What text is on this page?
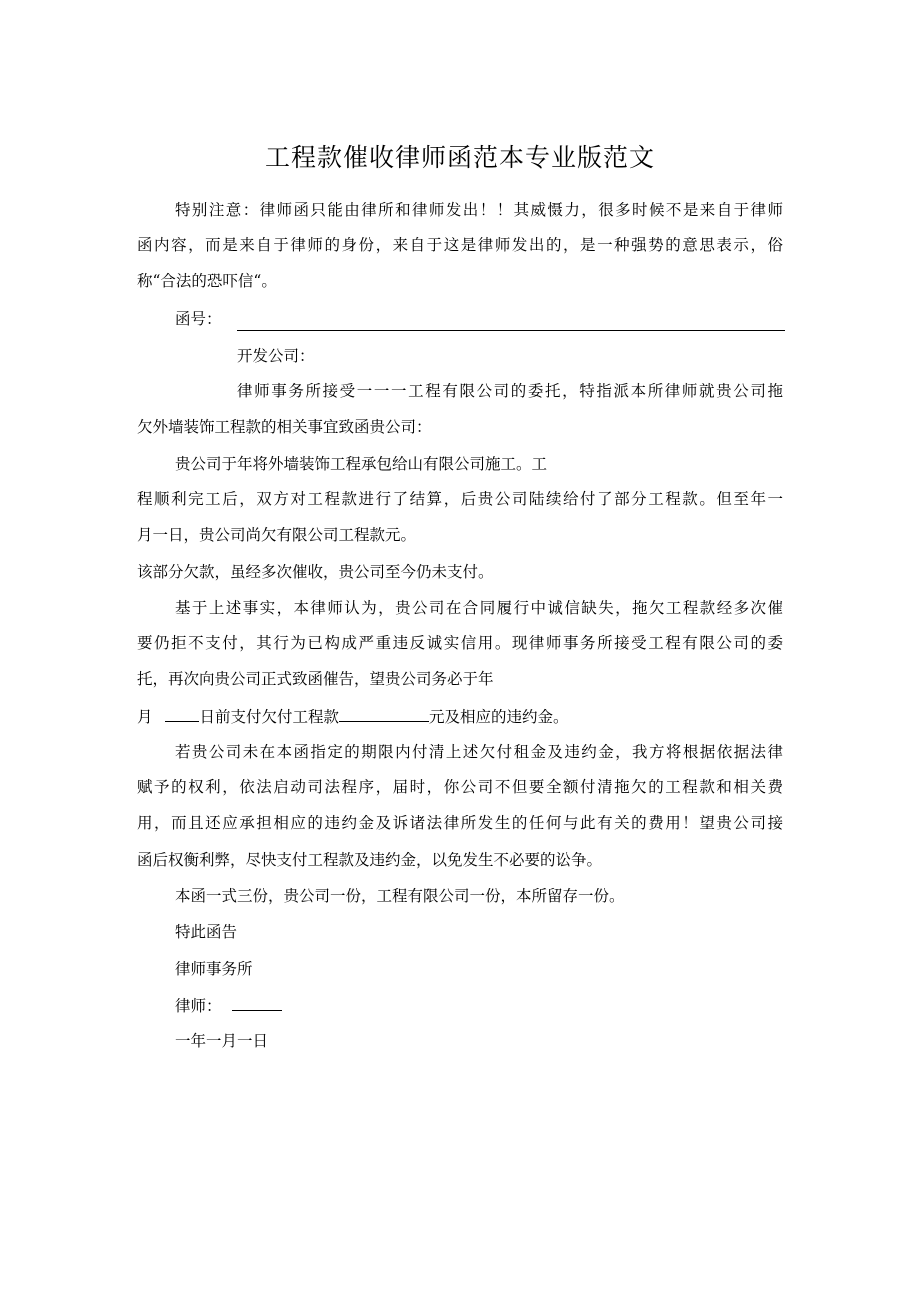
工程款催收律师函范本专业版范文
特别注意：律师函只能由律所和律师发出！！其威慑力，很多时候不是来自于律师
函内容，而是来自于律师的身份，来自于这是律师发出的，是一种强势的意思表示，俗
称“合法的恐吓信“。
函号：
开发公司：
律师事务所接受一一一工程有限公司的委托，特指派本所律师就贵公司拖
欠外墙装饰工程款的相关事宜致函贵公司：
贵公司于年将外墙装饰工程承包给山有限公司施工。工
程顺利完工后，双方对工程款进行了结算，后贵公司陆续给付了部分工程款。但至年一
月一日，贵公司尚欠有限公司工程款元。
该部分欠款，虽经多次催收，贵公司至今仍未支付。
基于上述事实，本律师认为，贵公司在合同履行中诚信缺失，拖欠工程款经多次催
要仍拒不支付，其行为已构成严重违反诚实信用。现律师事务所接受工程有限公司的委
托，再次向贵公司正式致函催告，望贵公司务必于年
月	日前支付欠付工程款	元及相应的违约金。
若贵公司未在本函指定的期限内付清上述欠付租金及违约金，我方将根据依据法律
赋予的权利，依法启动司法程序，届时，你公司不但要全额付清拖欠的工程款和相关费
用，而且还应承担相应的违约金及诉诸法律所发生的任何与此有关的费用！望贵公司接
函后权衡利弊，尽快支付工程款及违约金，以免发生不必要的讼争。
本函一式三份，贵公司一份，工程有限公司一份，本所留存一份。
特此函告
律师事务所
律师：
一年一月一日
